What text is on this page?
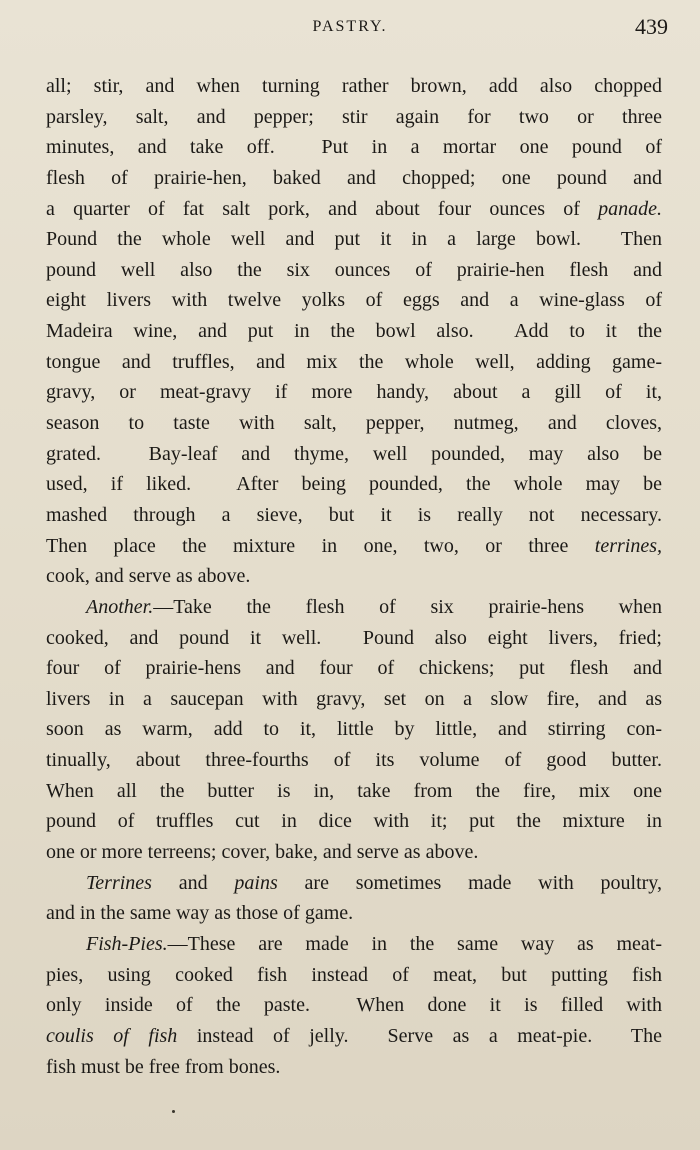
PASTRY.	439
all; stir, and when turning rather brown, add also chopped
parsley, salt, and pepper; stir again for two or three
minutes, and take off.  Put in a mortar one pound of
flesh of prairie-hen, baked and chopped; one pound and
a quarter of fat salt pork, and about four ounces of panade.
Pound the whole well and put it in a large bowl.  Then
pound well also the six ounces of prairie-hen flesh and
eight livers with twelve yolks of eggs and a wine-glass of
Madeira wine, and put in the bowl also.  Add to it the
tongue and truffles, and mix the whole well, adding game-
gravy, or meat-gravy if more handy, about a gill of it,
season to taste with salt, pepper, nutmeg, and cloves,
grated.  Bay-leaf and thyme, well pounded, may also be
used, if liked.  After being pounded, the whole may be
mashed through a sieve, but it is really not necessary.
Then place the mixture in one, two, or three terrines,
cook, and serve as above.
Another.—Take the flesh of six prairie-hens when
cooked, and pound it well.  Pound also eight livers, fried;
four of prairie-hens and four of chickens; put flesh and
livers in a saucepan with gravy, set on a slow fire, and as
soon as warm, add to it, little by little, and stirring con-
tinually, about three-fourths of its volume of good butter.
When all the butter is in, take from the fire, mix one
pound of truffles cut in dice with it; put the mixture in
one or more terreens; cover, bake, and serve as above.
Terrines and pains are sometimes made with poultry,
and in the same way as those of game.
Fish-Pies.—These are made in the same way as meat-
pies, using cooked fish instead of meat, but putting fish
only inside of the paste.  When done it is filled with
coulis of fish instead of jelly.  Serve as a meat-pie.  The
fish must be free from bones.
